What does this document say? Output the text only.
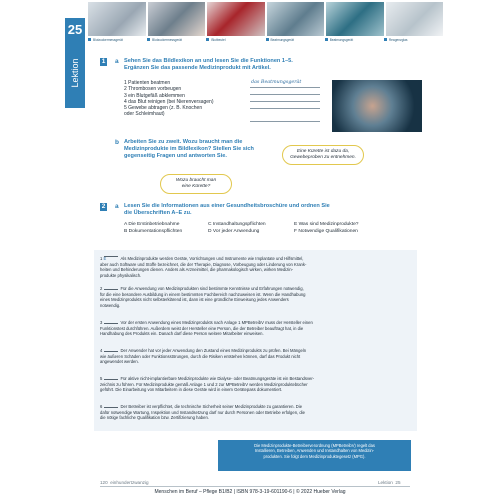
25
Lektion
Blutzuckermessgerät	Blutzuckermessgerät	Blutbeutel	Beatmungsgerät	Beatmungsgerät	Reagenzglas
1 a Sehen Sie das Bildlexikon an und lesen Sie die Funktionen 1–5.
Ergänzen Sie das passende Medizinprodukt mit Artikel.
1 Patienten beatmen
2 Thrombosen vorbeugen
3 ein Blutgefäß abklemmen
4 das Blut reinigen (bei Nierenversagen)
5 Gewebe abtragen (z. B. Knochen
oder Schleimhaut)
das Beatmungsgerät
b Arbeiten Sie zu zweit. Wozu braucht man die
Medizinprodukte im Bildlexikon? Stellen Sie sich
gegenseitig Fragen und antworten Sie.
Eine Kürette ist dazu da,
Gewebeproben zu entnehmen.
Wozu braucht man
eine Kürette?
2 a Lesen Sie die Informationen aus einer Gesundheitsbroschüre und ordnen Sie
die Überschriften A–E zu.
A Die Erstinbetriebnahme	C Instandhaltungspflichten	E Was sind Medizinprodukte?
B Dokumentationspflichten	D Vor jeder Anwendung	F Notwendige Qualifikationen
1 E	Als Medizinprodukte werden Geräte, Vorrichtungen und Instrumente wie Implantate und Hilfsmittel,
aber auch Software und Stoffe bezeichnet, die der Therapie, Diagnose, Vorbeugung oder Linderung von Krank-
heiten und Behinderungen dienen. Anders als Arzneimittel, die pharmakologisch wirken, wirken Medizin-
produkte physikalisch.
2	Für die Anwendung von Medizinprodukten sind bestimmte Kenntnisse und Erfahrungen notwendig,
für die eine besondere Ausbildung in einem bestimmten Fachbereich nachzuweisen ist. Wenn die Handhabung
eines Medizinprodukts nicht selbsterklärend ist, dann ist eine gründliche Einweisung jedes Anwenders
notwendig.
3	Vor der ersten Anwendung eines Medizinprodukts nach Anlage 1 MPBetreibV muss der Hersteller einen
Funktionstest durchführen. Außerdem weist der Hersteller eine Person, die der Betreiber beauftragt hat, in die
Handhabung des Produkts ein. Danach darf diese Person weitere Mitarbeiter einweisen.
4	Der Anwender hat vor jeder Anwendung den Zustand eines Medizinprodukts zu prüfen. Bei Mängeln
wie äußeren Schäden oder Funktionsstörungen, durch die Risiken entstehen können, darf das Produkt nicht
angewendet werden.
5	Für aktive nicht-implantierbare Medizinprodukte wie Dialyse- oder Beatmungsgeräte ist ein Bestandsver-
zeichnis zu führen. Für Medizinprodukte gemäß Anlage 1 und 2 zur MPBetreibV werden Medizinproduktebücher
geführt. Die Einarbeitung von Mitarbeitern in diese Geräte wird in einem Gerätepass dokumentiert.
6	Der Betreiber ist verpflichtet, die technische Sicherheit seiner Medizinprodukte zu garantieren. Die
dafür notwendige Wartung, Inspektion und Instandsetzung darf nur durch Personen oder Betriebe erfolgen, die
die nötige fachliche Qualifikation bzw. Zertifizierung haben.
Die Medizinprodukte-Betreiberverordnung (MPBetreibV) regelt das
Installieren, Betreiben, Anwenden und Instandhalten von Medizin-
produkten. Sie folgt dem Medizinproduktegesetz (MPG).
120 einhundertzwanzig	Lektion 25
Menschen im Beruf – Pflege B1/B2 | ISBN 978-3-19-601190-6 | © 2022 Hueber Verlag
